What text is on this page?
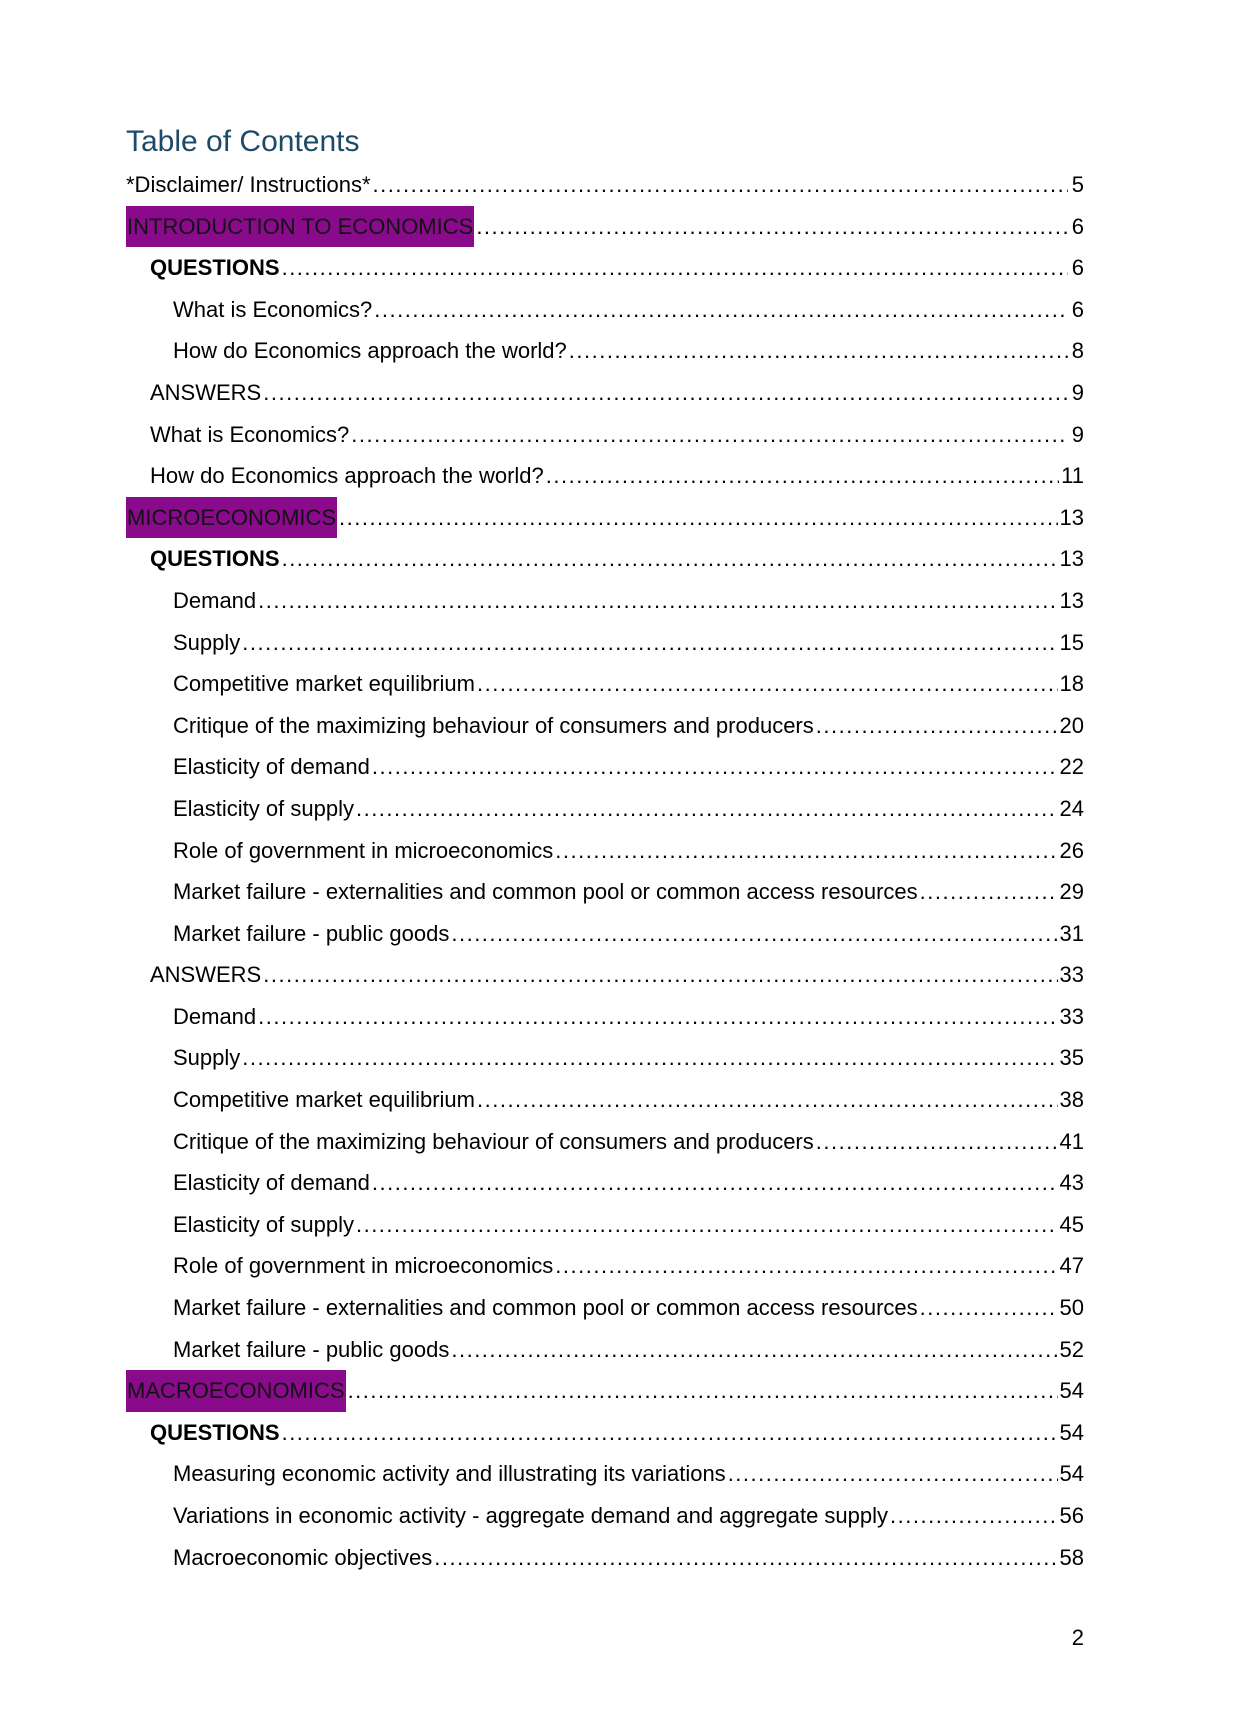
Table of Contents
*Disclaimer/ Instructions* .....	5
INTRODUCTION TO ECONOMICS .....	6
QUESTIONS .....	6
What is Economics? .....	6
How do Economics approach the world? .....	8
ANSWERS .....	9
What is Economics? .....	9
How do Economics approach the world? .....	11
MICROECONOMICS .....	13
QUESTIONS .....	13
Demand .....	13
Supply .....	15
Competitive market equilibrium .....	18
Critique of the maximizing behaviour of consumers and producers .....	20
Elasticity of demand .....	22
Elasticity of supply .....	24
Role of government in microeconomics .....	26
Market failure - externalities and common pool or common access resources .....	29
Market failure - public goods .....	31
ANSWERS .....	33
Demand .....	33
Supply .....	35
Competitive market equilibrium .....	38
Critique of the maximizing behaviour of consumers and producers .....	41
Elasticity of demand .....	43
Elasticity of supply .....	45
Role of government in microeconomics .....	47
Market failure - externalities and common pool or common access resources .....	50
Market failure - public goods .....	52
MACROECONOMICS .....	54
QUESTIONS .....	54
Measuring economic activity and illustrating its variations .....	54
Variations in economic activity - aggregate demand and aggregate supply .....	56
Macroeconomic objectives .....	58
2
